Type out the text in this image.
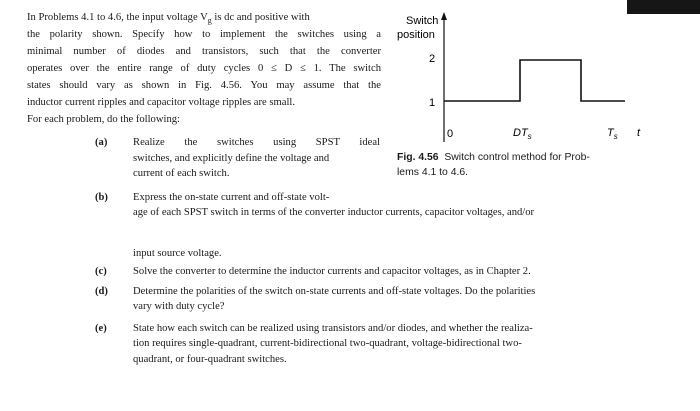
In Problems 4.1 to 4.6, the input voltage $V_g$ is dc and positive with
the polarity shown. Specify how to implement the switches using a
minimal number of diodes and transistors, such that the converter
operates over the entire range of duty cycles 0 ≤ D ≤ 1. The switch
states should vary as shown in Fig. 4.56. You may assume that the
inductor current ripples and capacitor voltage ripples are small.
For each problem, do the following:
(a) Realize the switches using SPST ideal
switches, and explicitly define the voltage and
current of each switch.
(b) Express the on-state current and off-state volt-
age of each SPST switch in terms of the converter inductor currents, capacitor voltages, and/or
input source voltage.
(c) Solve the converter to determine the inductor currents and capacitor voltages, as in Chapter 2.
(d) Determine the polarities of the switch on-state currents and off-state voltages. Do the polarities
vary with duty cycle?
(e) State how each switch can be realized using transistors and/or diodes, and whether the realiza-
tion requires single-quadrant, current-bidirectional two-quadrant, voltage-bidirectional two-
quadrant, or four-quadrant switches.
Switch
position
2
1
0	$DT_s$	$T_s$ t
Fig. 4.56 Switch control method for Prob-
lems 4.1 to 4.6.
